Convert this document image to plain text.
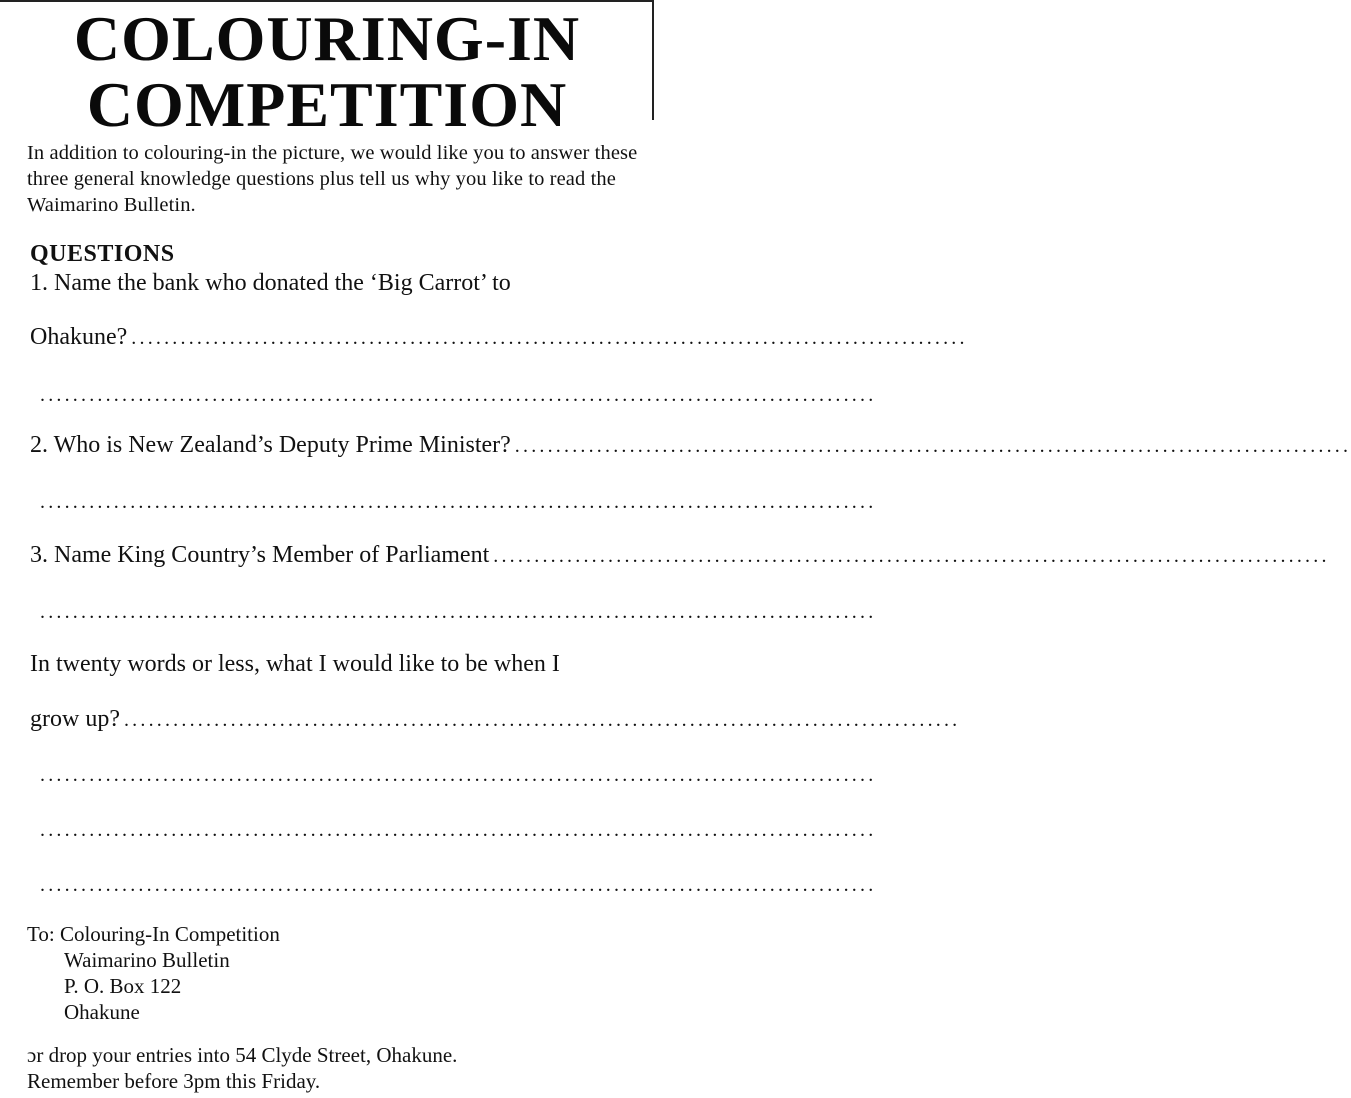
COLOURING-IN
COMPETITION
In addition to colouring-in the picture, we would like you to answer these three general knowledge questions plus tell us why you like to read the Waimarino Bulletin.
QUESTIONS
1. Name the bank who donated the ‘Big Carrot’ to
Ohakune? ......................................................................................................
......................................................................................................
2. Who is New Zealand’s Deputy Prime Minister? ......................................................................................................
......................................................................................................
3. Name King Country’s Member of Parliament ......................................................................................................
......................................................................................................
In twenty words or less, what I would like to be when I
grow up? ......................................................................................................
......................................................................................................
......................................................................................................
......................................................................................................
To: Colouring-In Competition
Waimarino Bulletin
P. O. Box 122
Ohakune
ɔr drop your entries into 54 Clyde Street, Ohakune.
Remember before 3pm this Friday.
